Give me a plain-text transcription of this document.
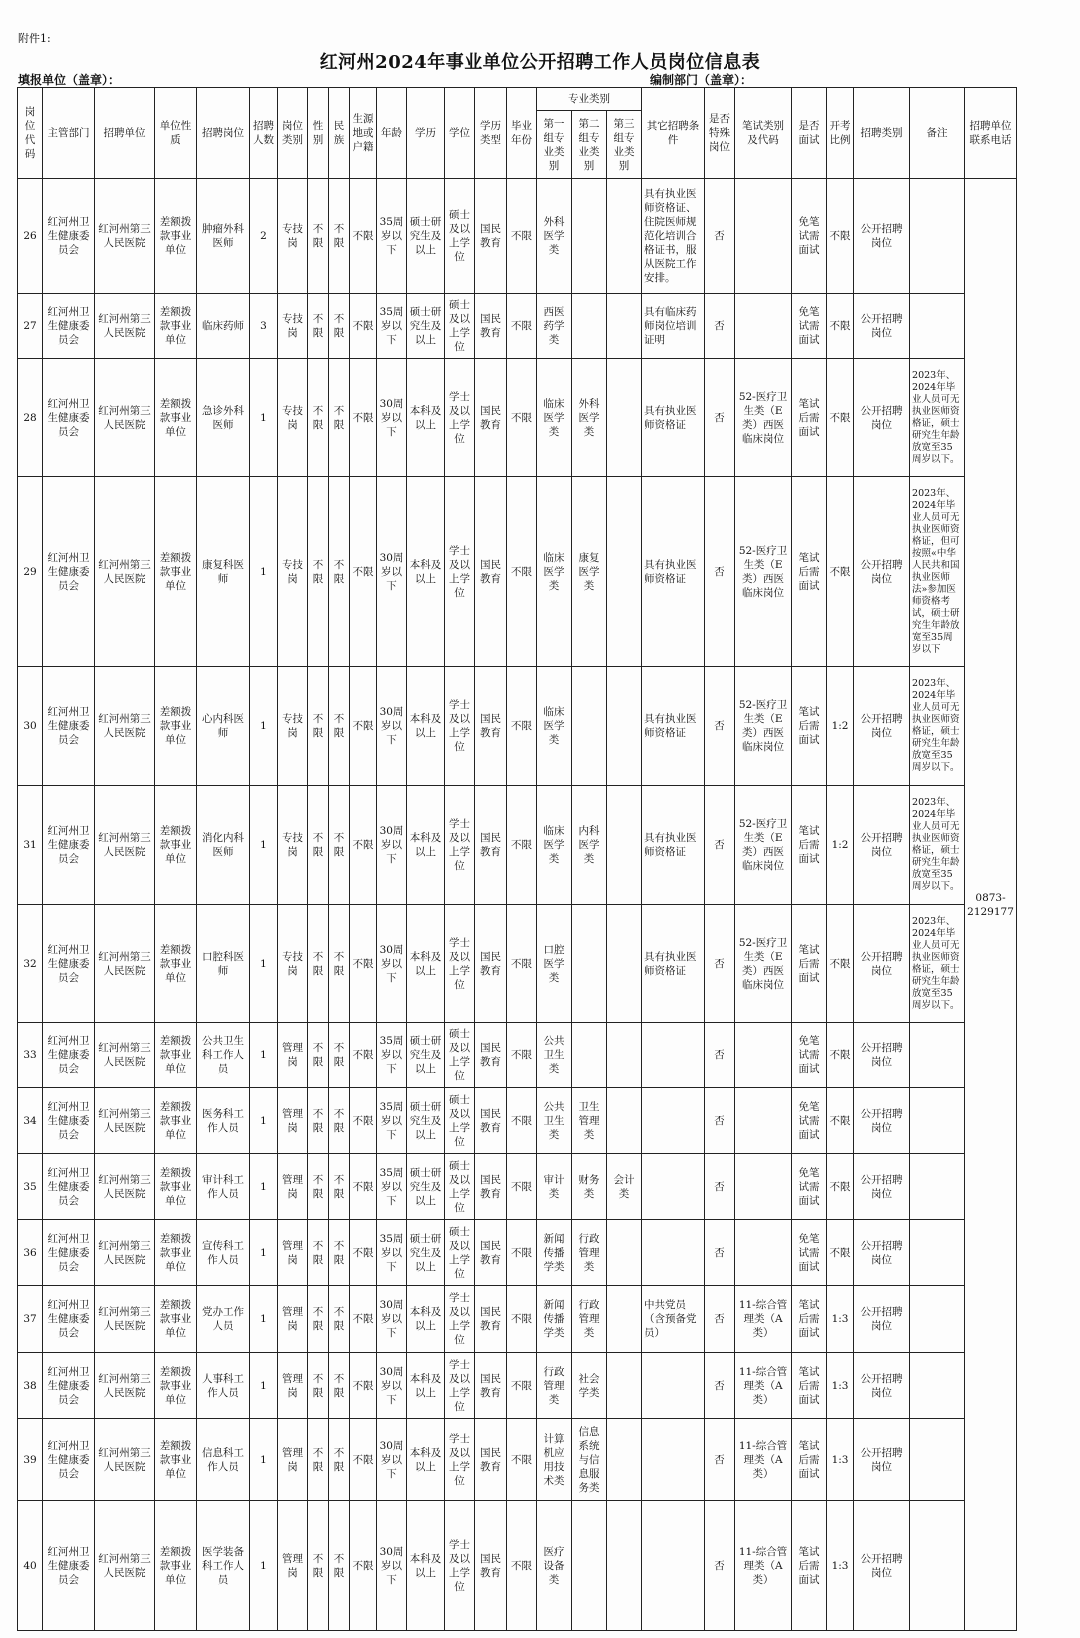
附件1:
红河州2024年事业单位公开招聘工作人员岗位信息表
填报单位（盖章）：	编制部门（盖章）：
岗位代码	主管部门	招聘单位	单位性质	招聘岗位	招聘人数	岗位类别	性别	民族	生源地或户籍	年龄	学历	学位	学历类型	毕业年份	专业类别			其它招聘条件	是否特殊岗位	笔试类别及代码	是否面试	开考比例	招聘类别	备注	招聘单位联系电话
															第一组专业类别	第二组专业类别	第三组专业类别								
26	红河州卫生健康委员会	红河州第三人民医院	差额拨款事业单位	肿瘤外科医师	2	专技岗	不限	不限	不限	35周岁以下	硕士研究生及以上	硕士及以上学位	国民教育	不限	外科医学类			具有执业医师资格证、住院医师规范化培训合格证书，服从医院工作安排。	否		免笔试需面试	不限	公开招聘岗位		0873-2129177
27	红河州卫生健康委员会	红河州第三人民医院	差额拨款事业单位	临床药师	3	专技岗	不限	不限	不限	35周岁以下	硕士研究生及以上	硕士及以上学位	国民教育	不限	西医药学类			具有临床药师岗位培训证明	否		免笔试需面试	不限	公开招聘岗位		
28	红河州卫生健康委员会	红河州第三人民医院	差额拨款事业单位	急诊外科医师	1	专技岗	不限	不限	不限	30周岁以下	本科及以上	学士及以上学位	国民教育	不限	临床医学类	外科医学类		具有执业医师资格证	否	52-医疗卫生类（E类）西医临床岗位	笔试后需面试	不限	公开招聘岗位	2023年、2024年毕业人员可无执业医师资格证，硕士研究生年龄放宽至35周岁以下。	
29	红河州卫生健康委员会	红河州第三人民医院	差额拨款事业单位	康复科医师	1	专技岗	不限	不限	不限	30周岁以下	本科及以上	学士及以上学位	国民教育	不限	临床医学类	康复医学类		具有执业医师资格证	否	52-医疗卫生类（E类）西医临床岗位	笔试后需面试	不限	公开招聘岗位	2023年、2024年毕业人员可无执业医师资格证，但可按照«中华人民共和国执业医师法»参加医师资格考试，硕士研究生年龄放宽至35周岁以下	
30	红河州卫生健康委员会	红河州第三人民医院	差额拨款事业单位	心内科医师	1	专技岗	不限	不限	不限	30周岁以下	本科及以上	学士及以上学位	国民教育	不限	临床医学类			具有执业医师资格证	否	52-医疗卫生类（E类）西医临床岗位	笔试后需面试	1:2	公开招聘岗位	2023年、2024年毕业人员可无执业医师资格证，硕士研究生年龄放宽至35周岁以下。	
31	红河州卫生健康委员会	红河州第三人民医院	差额拨款事业单位	消化内科医师	1	专技岗	不限	不限	不限	30周岁以下	本科及以上	学士及以上学位	国民教育	不限	临床医学类	内科医学类		具有执业医师资格证	否	52-医疗卫生类（E类）西医临床岗位	笔试后需面试	1:2	公开招聘岗位	2023年、2024年毕业人员可无执业医师资格证，硕士研究生年龄放宽至35周岁以下。	
32	红河州卫生健康委员会	红河州第三人民医院	差额拨款事业单位	口腔科医师	1	专技岗	不限	不限	不限	30周岁以下	本科及以上	学士及以上学位	国民教育	不限	口腔医学类			具有执业医师资格证	否	52-医疗卫生类（E类）西医临床岗位	笔试后需面试	不限	公开招聘岗位	2023年、2024年毕业人员可无执业医师资格证，硕士研究生年龄放宽至35周岁以下。	
33	红河州卫生健康委员会	红河州第三人民医院	差额拨款事业单位	公共卫生科工作人员	1	管理岗	不限	不限	不限	35周岁以下	硕士研究生及以上	硕士及以上学位	国民教育	不限	公共卫生类				否		免笔试需面试	不限	公开招聘岗位		
34	红河州卫生健康委员会	红河州第三人民医院	差额拨款事业单位	医务科工作人员	1	管理岗	不限	不限	不限	35周岁以下	硕士研究生及以上	硕士及以上学位	国民教育	不限	公共卫生类	卫生管理类			否		免笔试需面试	不限	公开招聘岗位		
35	红河州卫生健康委员会	红河州第三人民医院	差额拨款事业单位	审计科工作人员	1	管理岗	不限	不限	不限	35周岁以下	硕士研究生及以上	硕士及以上学位	国民教育	不限	审计类	财务类	会计类		否		免笔试需面试	不限	公开招聘岗位		
36	红河州卫生健康委员会	红河州第三人民医院	差额拨款事业单位	宣传科工作人员	1	管理岗	不限	不限	不限	35周岁以下	硕士研究生及以上	硕士及以上学位	国民教育	不限	新闻传播学类	行政管理类			否		免笔试需面试	不限	公开招聘岗位		
37	红河州卫生健康委员会	红河州第三人民医院	差额拨款事业单位	党办工作人员	1	管理岗	不限	不限	不限	30周岁以下	本科及以上	学士及以上学位	国民教育	不限	新闻传播学类	行政管理类		中共党员（含预备党员）	否	11-综合管理类（A类）	笔试后需面试	1:3	公开招聘岗位		
38	红河州卫生健康委员会	红河州第三人民医院	差额拨款事业单位	人事科工作人员	1	管理岗	不限	不限	不限	30周岁以下	本科及以上	学士及以上学位	国民教育	不限	行政管理类	社会学类			否	11-综合管理类（A类）	笔试后需面试	1:3	公开招聘岗位		
39	红河州卫生健康委员会	红河州第三人民医院	差额拨款事业单位	信息科工作人员	1	管理岗	不限	不限	不限	30周岁以下	本科及以上	学士及以上学位	国民教育	不限	计算机应用技术类	信息系统与信息服务类			否	11-综合管理类（A类）	笔试后需面试	1:3	公开招聘岗位		
40	红河州卫生健康委员会	红河州第三人民医院	差额拨款事业单位	医学装备科工作人员	1	管理岗	不限	不限	不限	30周岁以下	本科及以上	学士及以上学位	国民教育	不限	医疗设备类				否	11-综合管理类（A类）	笔试后需面试	1:3	公开招聘岗位		
